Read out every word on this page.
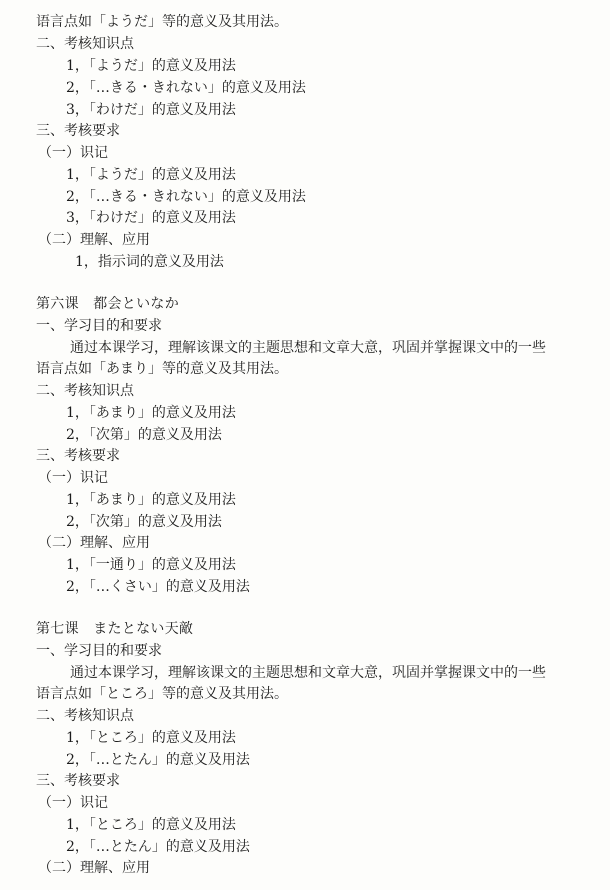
语言点如「ようだ」等的意义及其用法。
二、考核知识点
1，「ようだ」的意义及用法
2，「…きる・きれない」的意义及用法
3，「わけだ」的意义及用法
三、考核要求
（一）识记
1，「ようだ」的意义及用法
2，「…きる・きれない」的意义及用法
3，「わけだ」的意义及用法
（二）理解、应用
1，指示词的意义及用法
第六课　都会といなか
一、学习目的和要求
通过本课学习，理解该课文的主题思想和文章大意，巩固并掌握课文中的一些
语言点如「あまり」等的意义及其用法。
二、考核知识点
1，「あまり」的意义及用法
2，「次第」的意义及用法
三、考核要求
（一）识记
1，「あまり」的意义及用法
2，「次第」的意义及用法
（二）理解、应用
1，「一通り」的意义及用法
2，「…くさい」的意义及用法
第七课　またとない天敵
一、学习目的和要求
通过本课学习，理解该课文的主题思想和文章大意，巩固并掌握课文中的一些
语言点如「ところ」等的意义及其用法。
二、考核知识点
1，「ところ」的意义及用法
2，「…とたん」的意义及用法
三、考核要求
（一）识记
1，「ところ」的意义及用法
2，「…とたん」的意义及用法
（二）理解、应用
